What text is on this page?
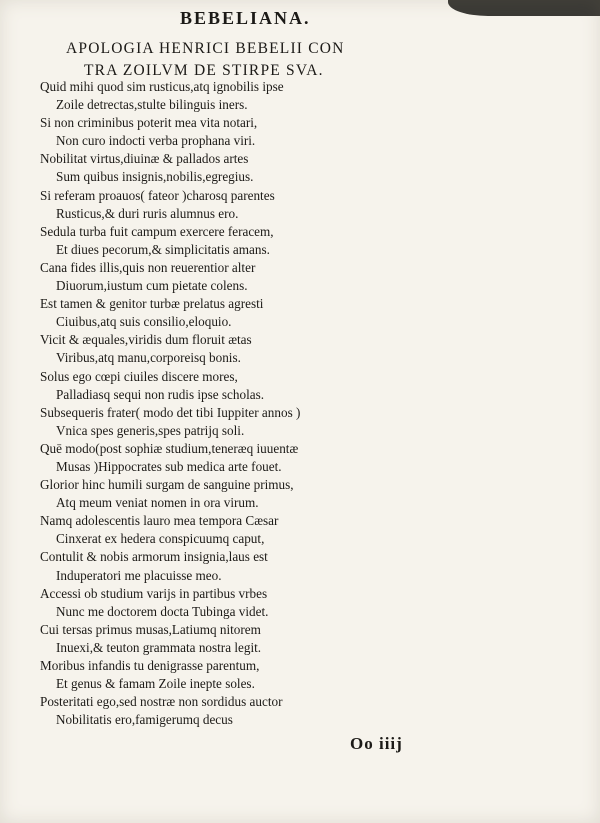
BEBELIANA.
APOLOGIA HENRICI BEBELII CON
TRA ZOILVM DE STIRPE SVA.
Quid mihi quod sim rusticus,atq ignobilis ipse
Zoile detrectas,stulte bilinguis iners.
Si non criminibus poterit mea vita notari,
Non curo indocti verba prophana viri.
Nobilitat virtus,diuinæ & pallados artes
Sum quibus insignis,nobilis,egregius.
Si referam proauos( fateor )charosq parentes
Rusticus,& duri ruris alumnus ero.
Sedula turba fuit campum exercere feracem,
Et diues pecorum,& simplicitatis amans.
Cana fides illis,quis non reuerentior alter
Diuorum,iustum cum pietate colens.
Est tamen & genitor turbæ prelatus agresti
Ciuibus,atq suis consilio,eloquio.
Vicit & æquales,viridis dum floruit ætas
Viribus,atq manu,corporeisq bonis.
Solus ego cœpi ciuiles discere mores,
Palladiasq sequi non rudis ipse scholas.
Subsequeris frater( modo det tibi Iuppiter annos )
Vnica spes generis,spes patrijq soli.
Quē modo(post sophiæ studium,teneræq iuuentæ
Musas )Hippocrates sub medica arte fouet.
Glorior hinc humili surgam de sanguine primus,
Atq meum veniat nomen in ora virum.
Namq adolescentis lauro mea tempora Cæsar
Cinxerat ex hedera conspicuumq caput,
Contulit & nobis armorum insignia,laus est
Induperatori me placuisse meo.
Accessi ob studium varijs in partibus vrbes
Nunc me doctorem docta Tubinga videt.
Cui tersas primus musas,Latiumq nitorem
Inuexi,& teuton grammata nostra legit.
Moribus infandis tu denigrasse parentum,
Et genus & famam Zoile inepte soles.
Posteritati ego,sed nostræ non sordidus auctor
Nobilitatis ero,famigerumq decus
Oo iiij
